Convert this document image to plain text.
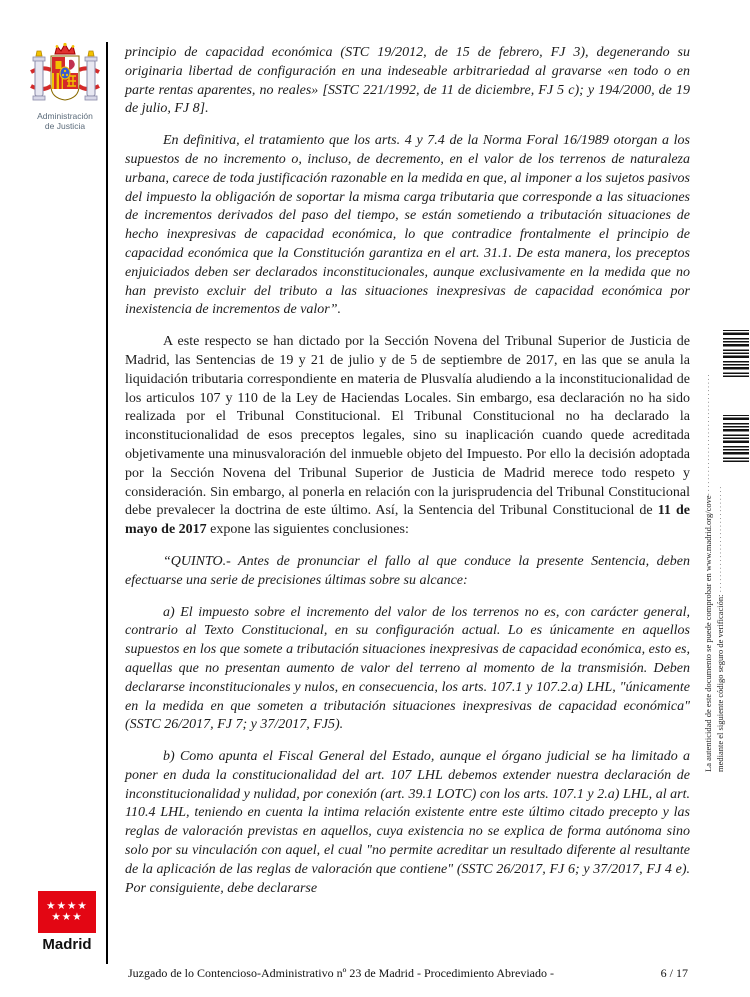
Administración
de Justicia
★★★★
★★★
Madrid

principio de capacidad económica (STC 19/2012, de 15 de febrero, FJ 3), degenerando su originaria libertad de configuración en una indeseable arbitrariedad al gravarse «en todo o en parte rentas aparentes, no reales» [SSTC 221/1992, de 11 de diciembre, FJ 5 c); y 194/2000, de 19 de julio, FJ 8].

En definitiva, el tratamiento que los arts. 4 y 7.4 de la Norma Foral 16/1989 otorgan a los supuestos de no incremento o, incluso, de decremento, en el valor de los terrenos de naturaleza urbana, carece de toda justificación razonable en la medida en que, al imponer a los sujetos pasivos del impuesto la obligación de soportar la misma carga tributaria que corresponde a las situaciones de incrementos derivados del paso del tiempo, se están sometiendo a tributación situaciones de hecho inexpresivas de capacidad económica, lo que contradice frontalmente el principio de capacidad económica que la Constitución garantiza en el art. 31.1. De esta manera, los preceptos enjuiciados deben ser declarados inconstitucionales, aunque exclusivamente en la medida que no han previsto excluir del tributo a las situaciones inexpresivas de capacidad económica por inexistencia de incrementos de valor”.

A este respecto se han dictado por la Sección Novena del Tribunal Superior de Justicia de Madrid, las Sentencias de 19 y 21 de julio y de 5 de septiembre de 2017, en las que se anula la liquidación tributaria correspondiente en materia de Plusvalía aludiendo a la inconstitucionalidad de los articulos 107 y 110 de la Ley de Haciendas Locales. Sin embargo, esa declaración no ha sido realizada por el Tribunal Constitucional. El Tribunal Constitucional no ha declarado la inconstitucionalidad de esos preceptos legales, sino su inaplicación cuando quede acreditada objetivamente una minusvaloración del inmueble objeto del Impuesto. Por ello la decisión adoptada por la Sección Novena del Tribunal Superior de Justicia de Madrid merece todo respeto y consideración. Sin embargo, al ponerla en relación con la jurisprudencia del Tribunal Constitucional debe prevalecer la doctrina de este último. Así, la Sentencia del Tribunal Constitucional de 11 de mayo de 2017 expone las siguientes conclusiones:

“QUINTO.- Antes de pronunciar el fallo al que conduce la presente Sentencia, deben efectuarse una serie de precisiones últimas sobre su alcance:

a) El impuesto sobre el incremento del valor de los terrenos no es, con carácter general, contrario al Texto Constitucional, en su configuración actual. Lo es únicamente en aquellos supuestos en los que somete a tributación situaciones inexpresivas de capacidad económica, esto es, aquellas que no presentan aumento de valor del terreno al momento de la transmisión. Deben declararse inconstitucionales y nulos, en consecuencia, los arts. 107.1 y 107.2.a) LHL, "únicamente en la medida en que someten a tributación situaciones inexpresivas de capacidad económica" (SSTC 26/2017, FJ 7; y 37/2017, FJ5).

b) Como apunta el Fiscal General del Estado, aunque el órgano judicial se ha limitado a poner en duda la constitucionalidad del art. 107 LHL debemos extender nuestra declaración de inconstitucionalidad y nulidad, por conexión (art. 39.1 LOTC) con los arts. 107.1 y 2.a) LHL, al art. 110.4 LHL, teniendo en cuenta la intima relación existente entre este último citado precepto y las reglas de valoración previstas en aquellos, cuya existencia no se explica de forma autónoma sino solo por su vinculación con aquel, el cual "no permite acreditar un resultado diferente al resultante de la aplicación de las reglas de valoración que contiene" (SSTC 26/2017, FJ 6; y 37/2017, FJ 4 e). Por consiguiente, debe declararse

La autenticidad de este documento se puede comprobar en www.madrid.org/cove································
mediante el siguiente código seguro de verificación: ····························
Juzgado de lo Contencioso-Administrativo nº 23 de Madrid - Procedimiento Abreviado -	6 / 17
